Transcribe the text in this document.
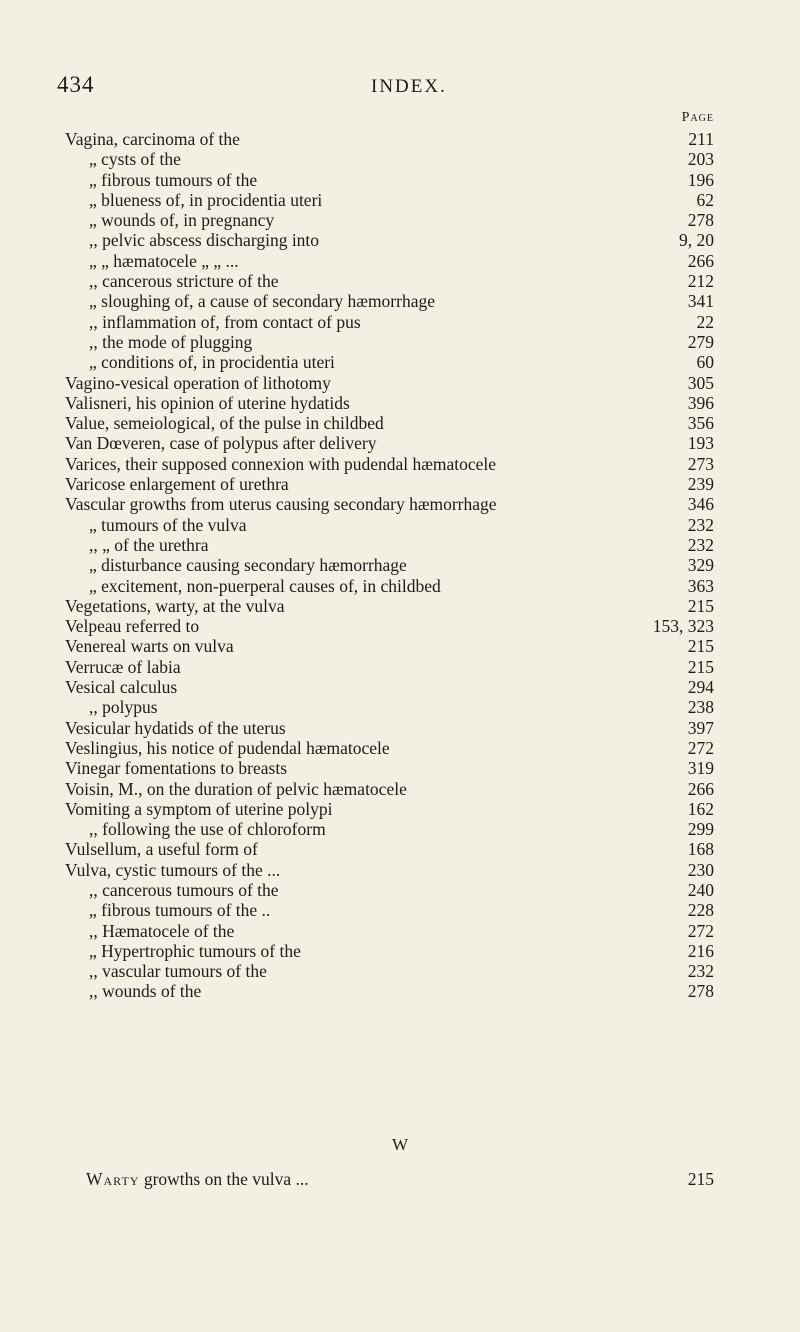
434	INDEX.
Page
Vagina, carcinoma of the	211
„ cysts of the	203
„ fibrous tumours of the	196
„ blueness of, in procidentia uteri	62
„ wounds of, in pregnancy	278
,, pelvic abscess discharging into	9, 20
„ „ hæmatocele „ „ ...	266
,, cancerous stricture of the	212
„ sloughing of, a cause of secondary hæmorrhage	341
,, inflammation of, from contact of pus	22
,, the mode of plugging	279
„ conditions of, in procidentia uteri	60
Vagino-vesical operation of lithotomy	305
Valisneri, his opinion of uterine hydatids	396
Value, semeiological, of the pulse in childbed	356
Van Dœveren, case of polypus after delivery	193
Varices, their supposed connexion with pudendal hæmatocele	273
Varicose enlargement of urethra	239
Vascular growths from uterus causing secondary hæmorrhage	346
„ tumours of the vulva	232
,, „ of the urethra	232
„ disturbance causing secondary hæmorrhage	329
„ excitement, non-puerperal causes of, in childbed	363
Vegetations, warty, at the vulva	215
Velpeau referred to	153, 323
Venereal warts on vulva	215
Verrucæ of labia	215
Vesical calculus	294
,, polypus	238
Vesicular hydatids of the uterus	397
Veslingius, his notice of pudendal hæmatocele	272
Vinegar fomentations to breasts	319
Voisin, M., on the duration of pelvic hæmatocele	266
Vomiting a symptom of uterine polypi	162
,, following the use of chloroform	299
Vulsellum, a useful form of	168
Vulva, cystic tumours of the ...	230
,, cancerous tumours of the	240
„ fibrous tumours of the ..	228
,, Hæmatocele of the	272
„ Hypertrophic tumours of the	216
,, vascular tumours of the	232
,, wounds of the	278
W
Warty growths on the vulva ...	215
